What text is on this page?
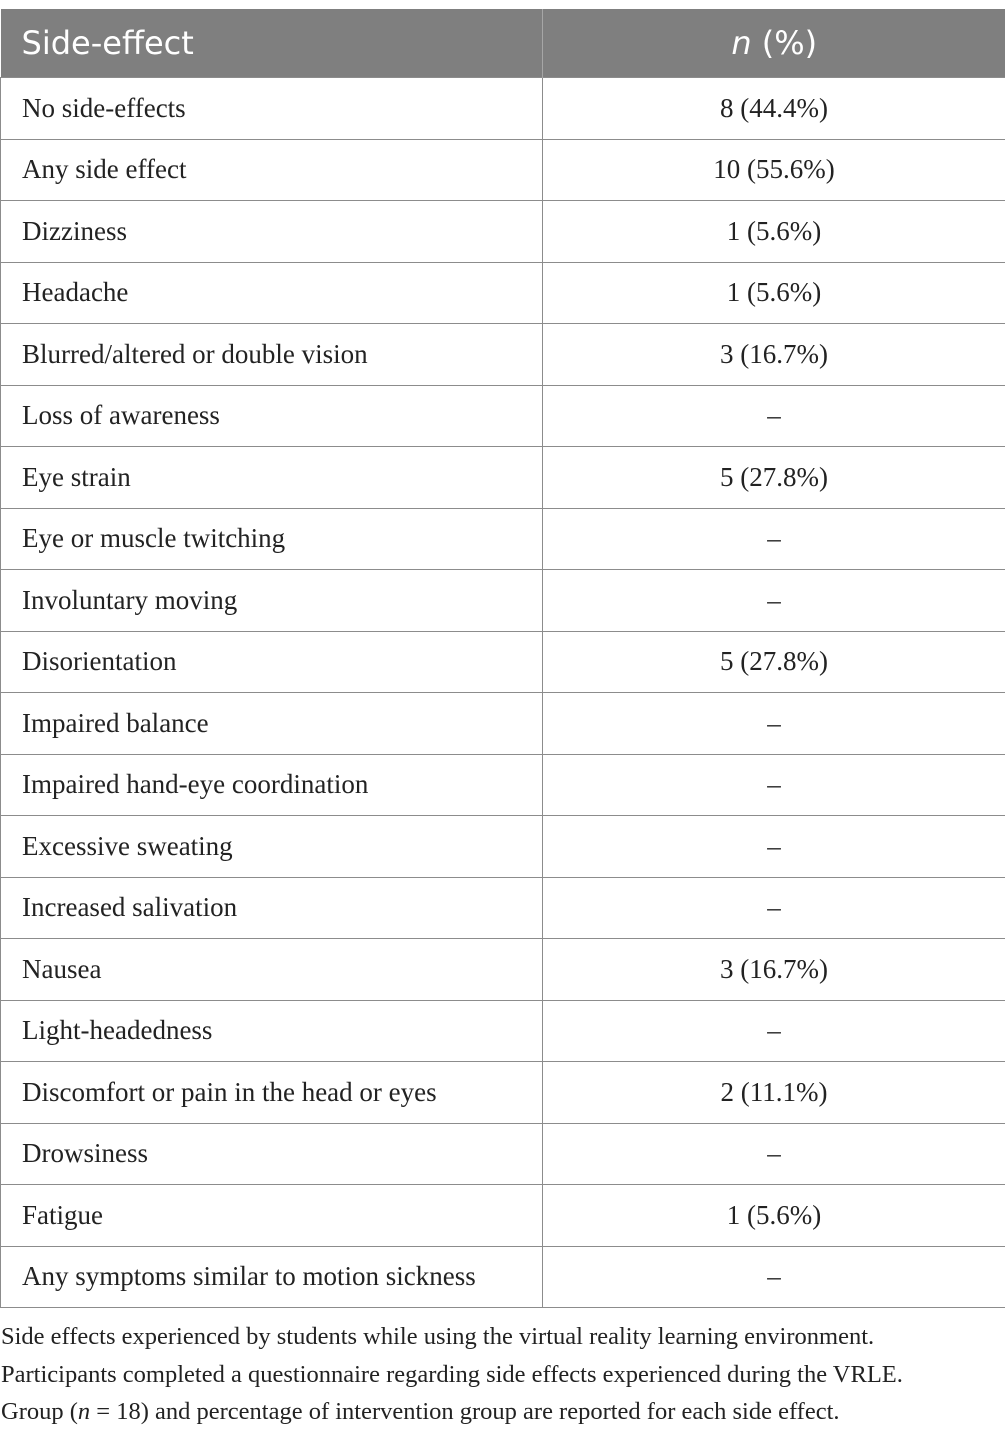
Side-effect	n (%)
No side-effects	8 (44.4%)
Any side effect	10 (55.6%)
Dizziness	1 (5.6%)
Headache	1 (5.6%)
Blurred/altered or double vision	3 (16.7%)
Loss of awareness	–
Eye strain	5 (27.8%)
Eye or muscle twitching	–
Involuntary moving	–
Disorientation	5 (27.8%)
Impaired balance	–
Impaired hand-eye coordination	–
Excessive sweating	–
Increased salivation	–
Nausea	3 (16.7%)
Light-headedness	–
Discomfort or pain in the head or eyes	2 (11.1%)
Drowsiness	–
Fatigue	1 (5.6%)
Any symptoms similar to motion sickness	–
Side effects experienced by students while using the virtual reality learning environment.
Participants completed a questionnaire regarding side effects experienced during the VRLE.
Group (n = 18) and percentage of intervention group are reported for each side effect.
